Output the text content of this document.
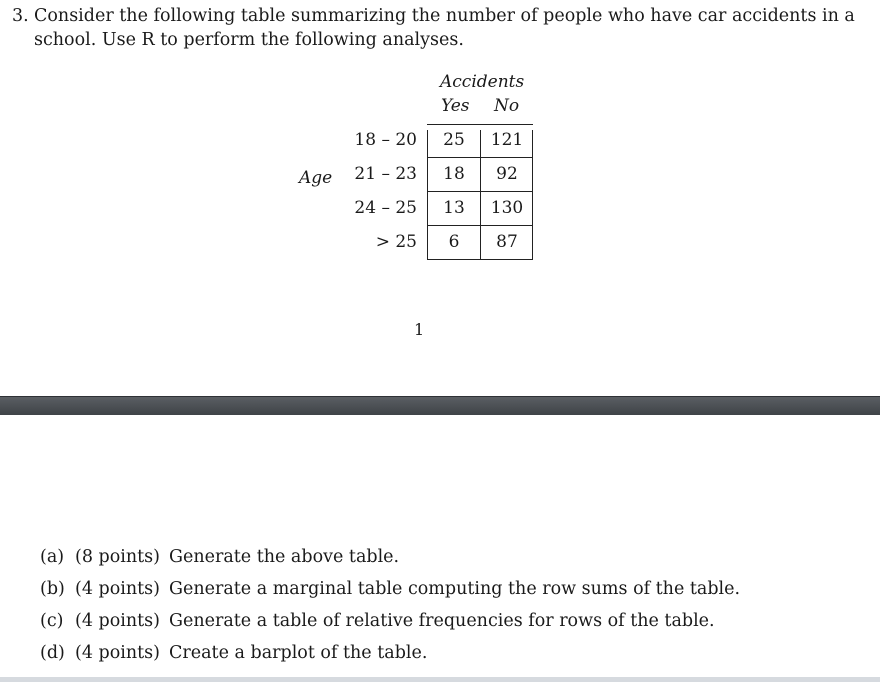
3. Consider the following table summarizing the number of people who have car accidents in a
school. Use R to perform the following analyses.

Accidents
Yes No
Age
18 – 20	25	121
21 – 23	18	92
24 – 25	13	130
> 25	6	87
1
(a) (8 points) Generate the above table.
(b) (4 points) Generate a marginal table computing the row sums of the table.
(c) (4 points) Generate a table of relative frequencies for rows of the table.
(d) (4 points) Create a barplot of the table.
